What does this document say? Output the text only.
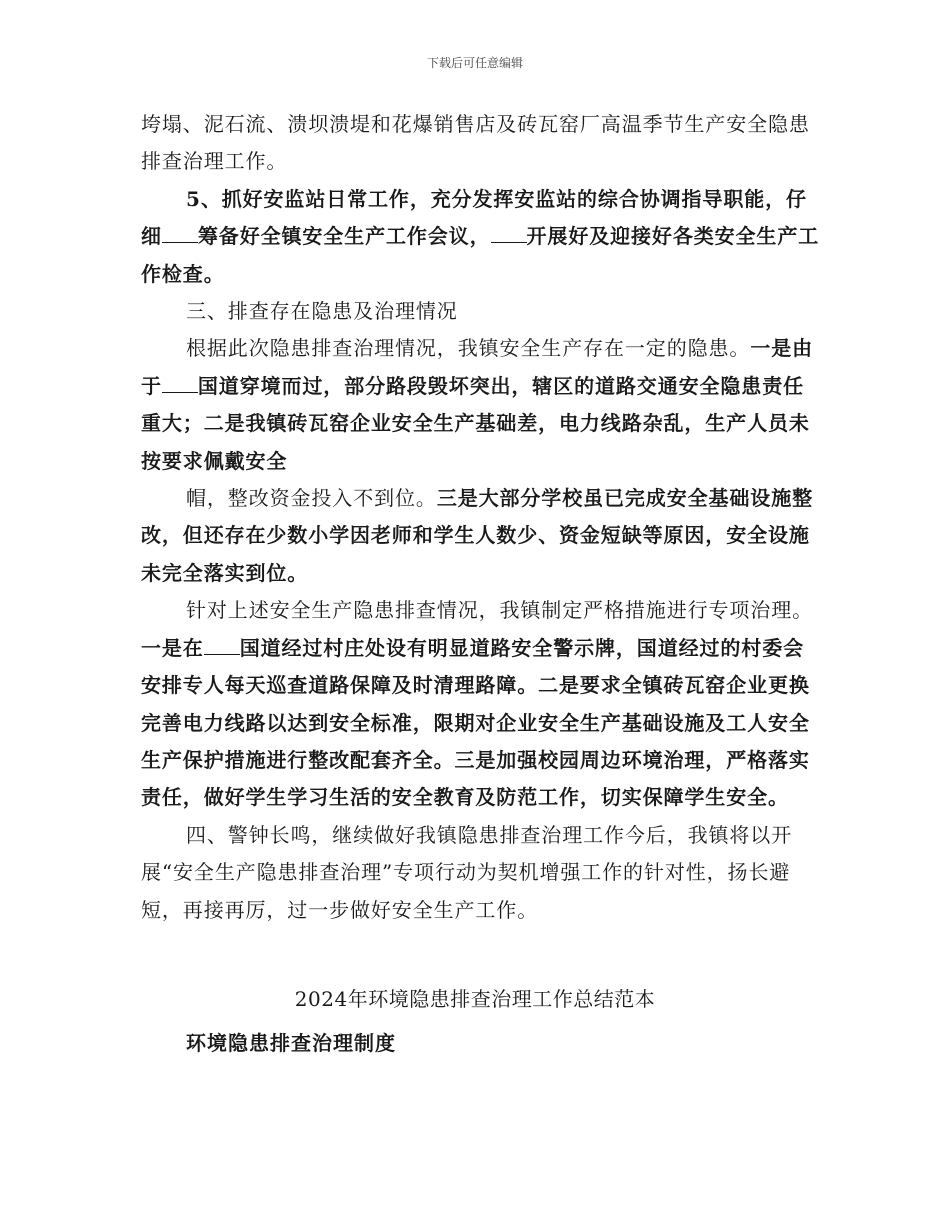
下载后可任意编辑

垮塌、泥石流、溃坝溃堤和花爆销售店及砖瓦窑厂高温季节生产安全隐患排查治理工作。

5、抓好安监站日常工作，充分发挥安监站的综合协调指导职能，仔细 筹备好全镇安全生产工作会议， 开展好及迎接好各类安全生产工作检查。

三、排查存在隐患及治理情况

根据此次隐患排查治理情况，我镇安全生产存在一定的隐患。一是由于 国道穿境而过，部分路段毁坏突出，辖区的道路交通安全隐患责任重大；二是我镇砖瓦窑企业安全生产基础差，电力线路杂乱，生产人员未按要求佩戴安全

帽，整改资金投入不到位。三是大部分学校虽已完成安全基础设施整改，但还存在少数小学因老师和学生人数少、资金短缺等原因，安全设施未完全落实到位。

针对上述安全生产隐患排查情况，我镇制定严格措施进行专项治理。一是在 国道经过村庄处设有明显道路安全警示牌，国道经过的村委会安排专人每天巡查道路保障及时清理路障。二是要求全镇砖瓦窑企业更换完善电力线路以达到安全标准，限期对企业安全生产基础设施及工人安全生产保护措施进行整改配套齐全。三是加强校园周边环境治理，严格落实责任，做好学生学习生活的安全教育及防范工作，切实保障学生安全。

四、警钟长鸣，继续做好我镇隐患排查治理工作今后，我镇将以开展“安全生产隐患排查治理”专项行动为契机增强工作的针对性，扬长避短，再接再厉，过一步做好安全生产工作。

2024年环境隐患排查治理工作总结范本
环境隐患排查治理制度
